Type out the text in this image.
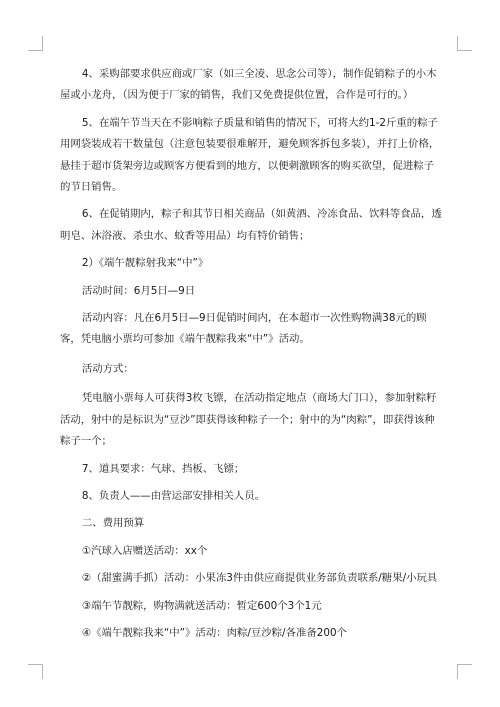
4、采购部要求供应商或厂家（如三全凌、思念公司等），制作促销粽子的小木屋或小龙舟，（因为便于厂家的销售，我们又免费提供位置，合作是可行的。）

5、在端午节当天在不影响粽子质量和销售的情况下，可将大约1-2斤重的粽子用网袋装成若干数量包（注意包装要很难解开，避免顾客拆包多装），并打上价格，悬挂于超市货架旁边或顾客方便看到的地方，以便刺激顾客的购买欲望，促进粽子的节日销售。

6、在促销期内，粽子和其节日相关商品（如黄酒、冷冻食品、饮料等食品，透明皂、沐浴液、杀虫水、蚊香等用品）均有特价销售；

2）《端午靓粽射我来“中”》

活动时间：6月5日—9日

活动内容：凡在6月5日—9日促销时间内，在本超市一次性购物满38元的顾客，凭电脑小票均可参加《端午靓粽我来“中”》活动。

活动方式：

凭电脑小票每人可获得3枚飞镖，在活动指定地点（商场大门口），参加射粽籽活动，射中的是标识为“豆沙”即获得该种粽子一个；射中的为“肉粽”，即获得该种粽子一个；

7、道具要求：气球、挡板、飞镖；

8、负责人——由营运部安排相关人员。

二、费用预算

①汽球入店赠送活动：xx个

②（甜蜜满手抓）活动：小果冻3件由供应商提供业务部负责联系/糖果/小玩具

③端午节靓粽，购物满就送活动：暂定600个3个1元

④《端午靓粽我来“中”》活动：肉粽/豆沙粽/各准备200个
